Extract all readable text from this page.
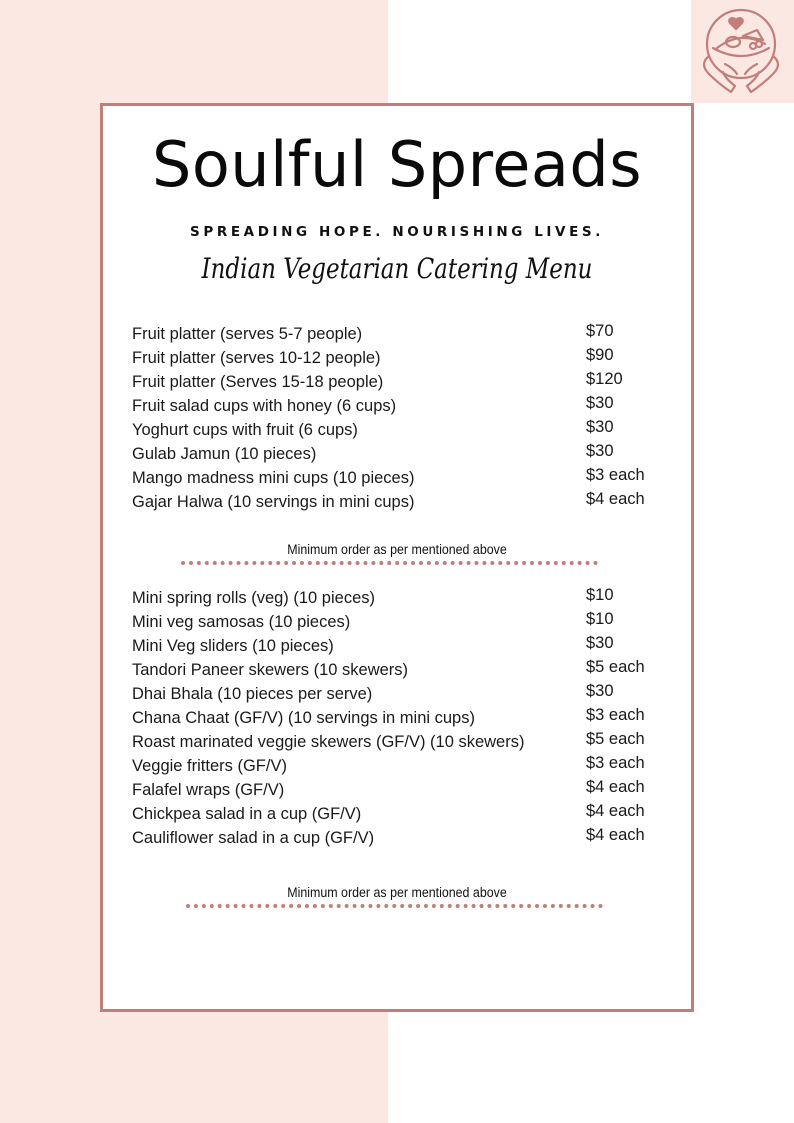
Soulful Spreads
SPREADING HOPE. NOURISHING LIVES.
Indian Vegetarian Catering Menu
Fruit platter (serves 5-7 people)	$70
Fruit platter (serves 10-12 people)	$90
Fruit platter (Serves 15-18 people)	$120
Fruit salad cups with honey (6 cups)	$30
Yoghurt cups with fruit (6 cups)	$30
Gulab Jamun (10 pieces)	$30
Mango madness mini cups (10 pieces)	$3 each
Gajar Halwa (10 servings in mini cups)	$4 each
Minimum order as per mentioned above
Mini spring rolls (veg) (10 pieces)	$10
Mini veg samosas (10 pieces)	$10
Mini Veg sliders (10 pieces)	$30
Tandori Paneer skewers (10 skewers)	$5 each
Dhai Bhala (10 pieces per serve)	$30
Chana Chaat (GF/V) (10 servings in mini cups)	$3 each
Roast marinated veggie skewers (GF/V) (10 skewers)	$5 each
Veggie fritters (GF/V)	$3 each
Falafel wraps (GF/V)	$4 each
Chickpea salad in a cup (GF/V)	$4 each
Cauliflower salad in a cup (GF/V)	$4 each
Minimum order as per mentioned above
